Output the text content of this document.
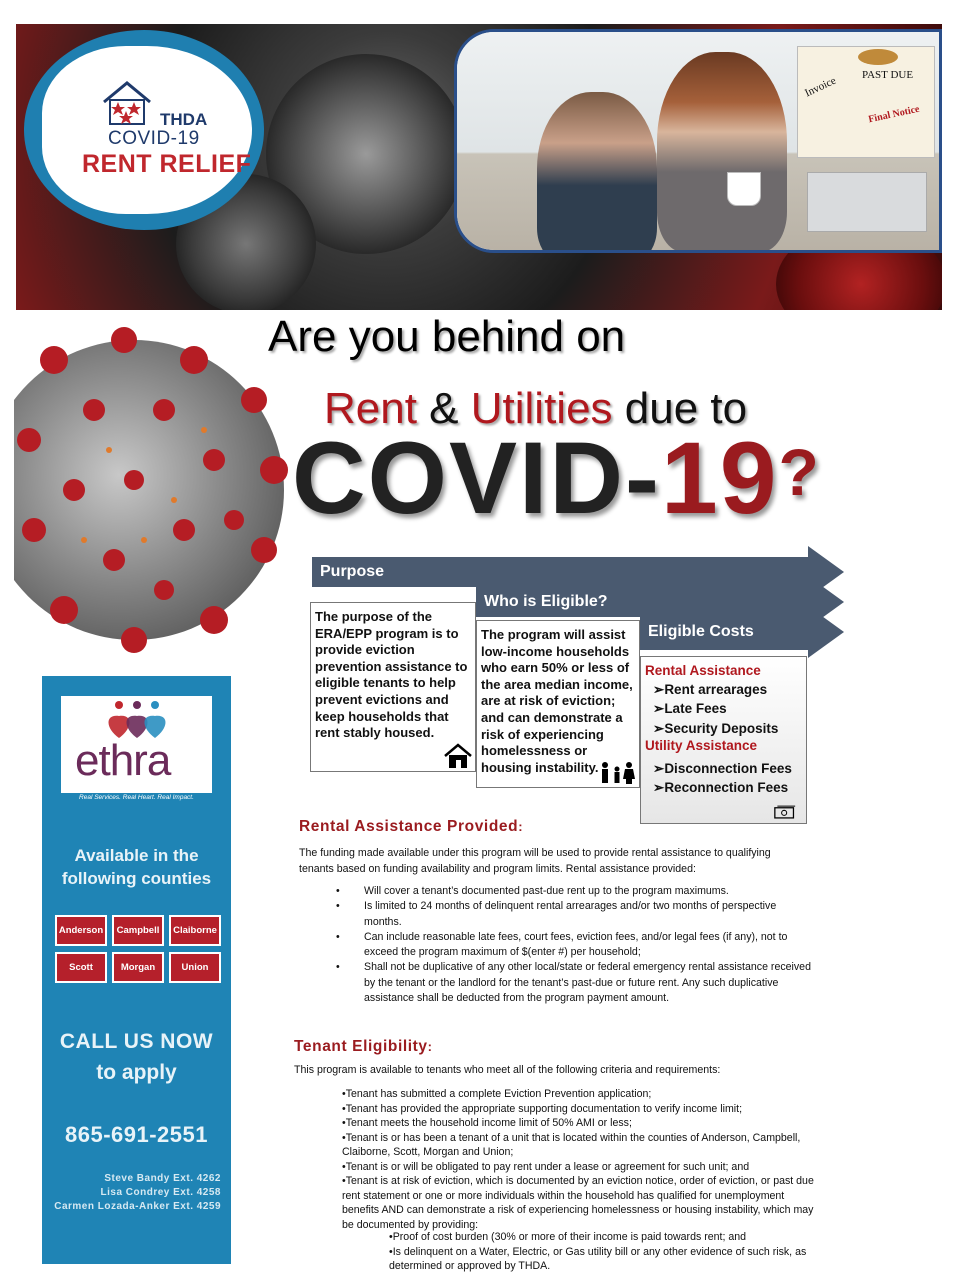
THDA
COVID-19
RENT RELIEF
Invoice PAST DUE
Final Notice
Are you behind on
Rent & Utilities due to
COVID-19?
Purpose
Who is Eligible?
Eligible Costs
The purpose of the ERA/EPP program is to provide eviction prevention assistance to eligible tenants to help prevent evictions and keep households that rent stably housed.
The program will assist low-income households who earn 50% or less of the area median income, are at risk of eviction; and can demonstrate a risk of experiencing homelessness or housing instability.
Rental Assistance
➢Rent arrearages
➢Late Fees
➢Security Deposits
Utility Assistance
➢Disconnection Fees
➢Reconnection Fees
ethra
Real Services. Real Heart. Real Impact.
Available in the
following counties
Anderson	Campbell	Claiborne
Scott	Morgan	Union
CALL US NOW
to apply
865-691-2551
Steve Bandy Ext. 4262
Lisa Condrey Ext. 4258
Carmen Lozada-Anker Ext. 4259
Rental Assistance Provided:
The funding made available under this program will be used to provide rental assistance to qualifying tenants based on funding availability and program limits. Rental assistance provided:
• Will cover a tenant’s documented past-due rent up to the program maximums.
• Is limited to 24 months of delinquent rental arrearages and/or two months of perspective months.
• Can include reasonable late fees, court fees, eviction fees, and/or legal fees (if any), not to exceed the program maximum of $(enter #) per household;
• Shall not be duplicative of any other local/state or federal emergency rental assistance received by the tenant or the landlord for the tenant’s past-due or future rent. Any such duplicative assistance shall be deducted from the program payment amount.
Tenant Eligibility:
This program is available to tenants who meet all of the following criteria and requirements:
•Tenant has submitted a complete Eviction Prevention application;
•Tenant has provided the appropriate supporting documentation to verify income limit;
•Tenant meets the household income limit of 50% AMI or less;
•Tenant is or has been a tenant of a unit that is located within the counties of Anderson, Campbell, Claiborne, Scott, Morgan and Union;
•Tenant is or will be obligated to pay rent under a lease or agreement for such unit; and
•Tenant is at risk of eviction, which is documented by an eviction notice, order of eviction, or past due rent statement or one or more individuals within the household has qualified for unemployment benefits AND can demonstrate a risk of experiencing homelessness or housing instability, which may be documented by providing:
•Proof of cost burden (30% or more of their income is paid towards rent; and
•Is delinquent on a Water, Electric, or Gas utility bill or any other evidence of such risk, as determined or approved by THDA.
